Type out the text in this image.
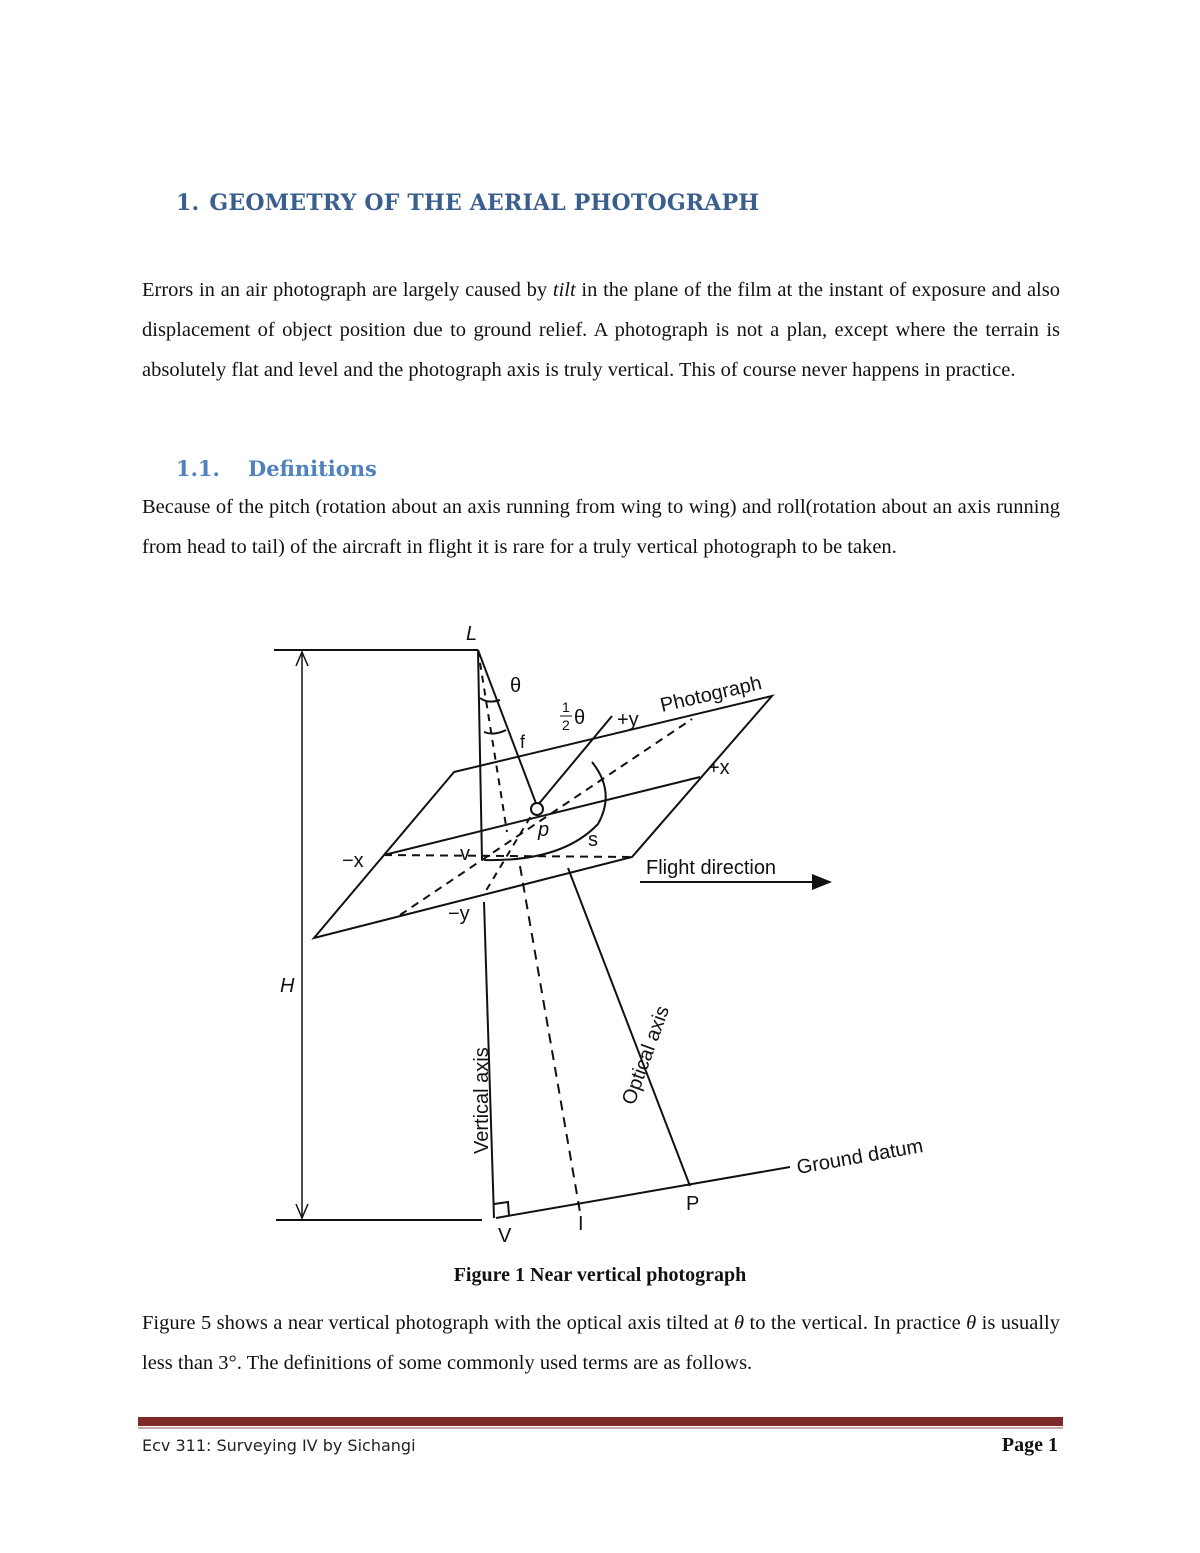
1. GEOMETRY OF THE AERIAL PHOTOGRAPH
Errors in an air photograph are largely caused by tilt in the plane of the film at the instant of exposure and also displacement of object position due to ground relief. A photograph is not a plan, except where the terrain is absolutely flat and level and the photograph axis is truly vertical. This of course never happens in practice.
1.1. Definitions
Because of the pitch (rotation about an axis running from wing to wing) and roll(rotation about an axis running from head to tail) of the aircraft in flight it is rare for a truly vertical photograph to be taken.
L
θ
1
2 θ +y
Photograph
+x
f
−x
p
v
s
Flight direction
−y
H
Vertical axis	Optical axis
Ground datum
V
I
P
Figure 1 Near vertical photograph
Figure 5 shows a near vertical photograph with the optical axis tilted at θ to the vertical. In practice θ is usually less than 3°. The definitions of some commonly used terms are as follows.
Ecv 311: Surveying IV by Sichangi	Page 1
